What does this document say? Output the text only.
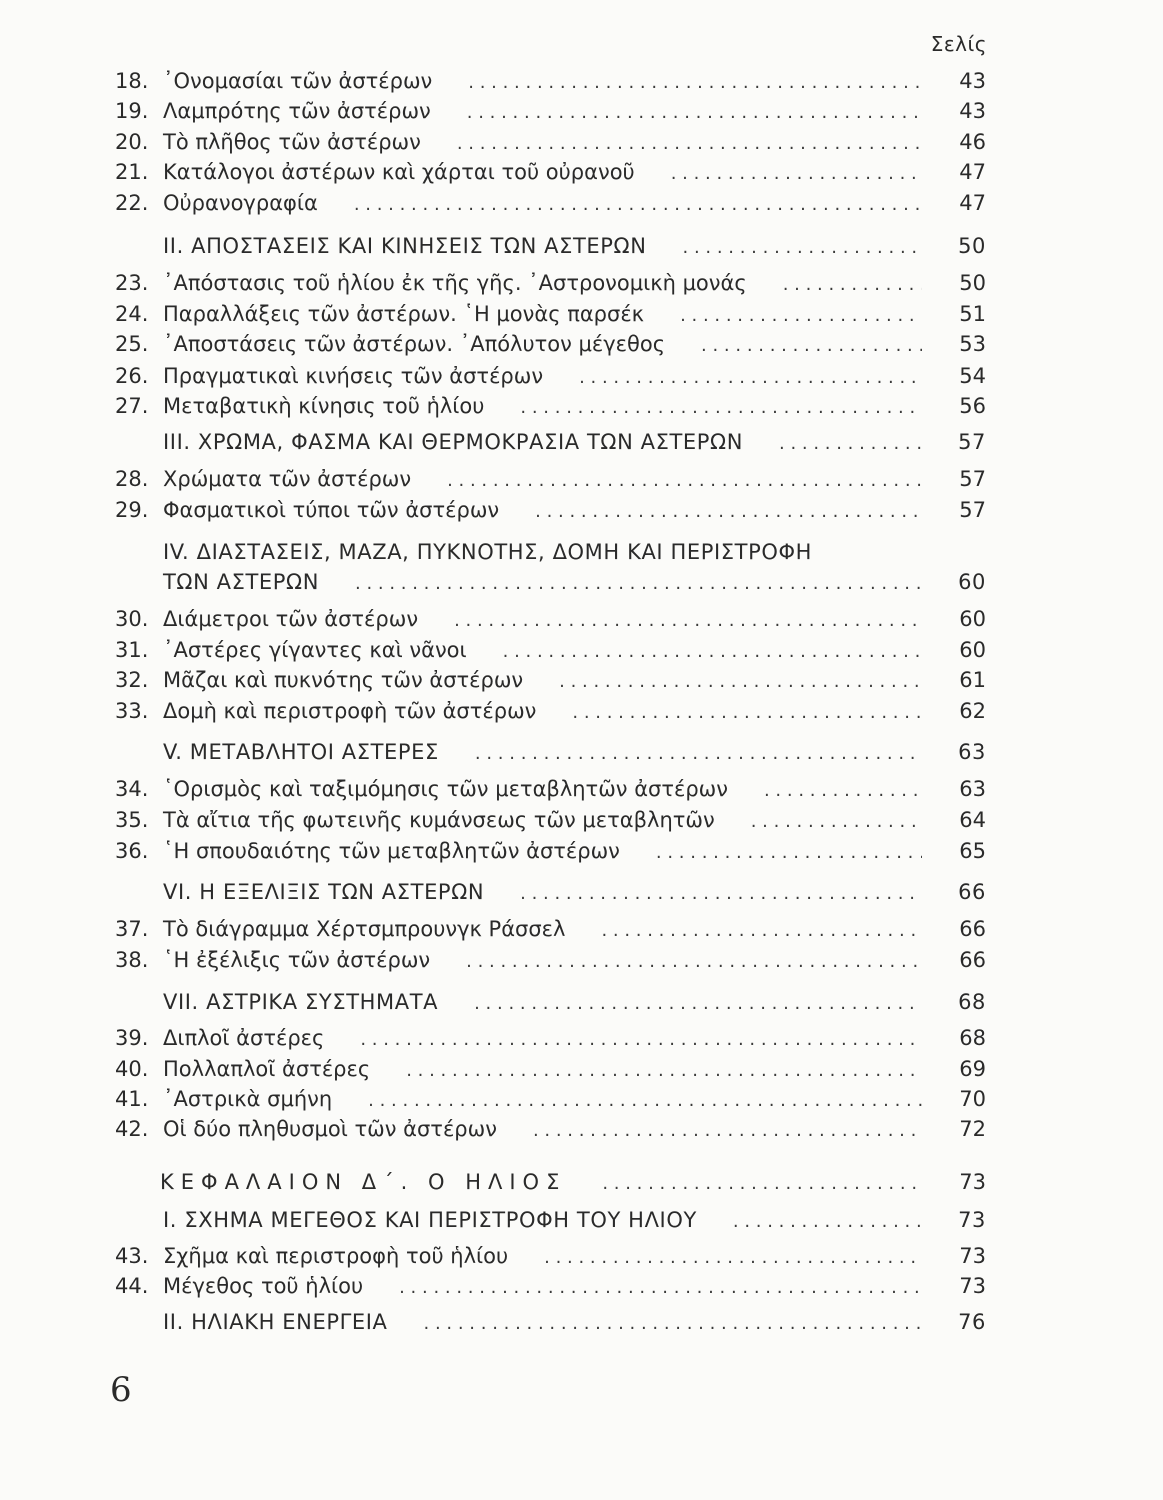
Σελίς
18. ᾿Ονομασίαι τῶν ἀστέρων . . .	43
19. Λαμπρότης τῶν ἀστέρων . . .	43
20. Τὸ πλῆθος τῶν ἀστέρων . . .	46
21. Κατάλογοι ἀστέρων καὶ χάρται τοῦ οὐρανοῦ . . .	47
22. Οὐρανογραφία . . .	47
II. ΑΠΟΣΤΑΣΕΙΣ ΚΑΙ ΚΙΝΗΣΕΙΣ ΤΩΝ ΑΣΤΕΡΩΝ . . .	50
23. ᾿Απόστασις τοῦ ἡλίου ἐκ τῆς γῆς. ᾿Αστρονομικὴ μονάς . . .	50
24. Παραλλάξεις τῶν ἀστέρων. ῾Η μονὰς παρσέκ . . .	51
25. ᾿Αποστάσεις τῶν ἀστέρων. ᾿Απόλυτον μέγεθος . . .	53
26. Πραγματικαὶ κινήσεις τῶν ἀστέρων . . .	54
27. Μεταβατικὴ κίνησις τοῦ ἡλίου . . .	56
III. ΧΡΩΜΑ, ΦΑΣΜΑ ΚΑΙ ΘΕΡΜΟΚΡΑΣΙΑ ΤΩΝ ΑΣΤΕΡΩΝ . . .	57
28. Χρώματα τῶν ἀστέρων . . .	57
29. Φασματικοὶ τύποι τῶν ἀστέρων . . .	57
IV. ΔΙΑΣΤΑΣΕΙΣ, ΜΑΖΑ, ΠΥΚΝΟΤΗΣ, ΔΟΜΗ ΚΑΙ ΠΕΡΙΣΤΡΟΦΗ
ΤΩΝ ΑΣΤΕΡΩΝ . . .	60
30. Διάμετροι τῶν ἀστέρων . . .	60
31. ᾿Αστέρες γίγαντες καὶ νᾶνοι . . .	60
32. Μᾶζαι καὶ πυκνότης τῶν ἀστέρων . . .	61
33. Δομὴ καὶ περιστροφὴ τῶν ἀστέρων . . .	62
V. ΜΕΤΑΒΛΗΤΟΙ ΑΣΤΕΡΕΣ . . .	63
34. ῾Ορισμὸς καὶ ταξιμόμησις τῶν μεταβλητῶν ἀστέρων . . .	63
35. Τὰ αἴτια τῆς φωτεινῆς κυμάνσεως τῶν μεταβλητῶν . . .	64
36. ῾Η σπουδαιότης τῶν μεταβλητῶν ἀστέρων . . .	65
VI. Η ΕΞΕΛΙΞΙΣ ΤΩΝ ΑΣΤΕΡΩΝ . . .	66
37. Τὸ διάγραμμα Χέρτσμπρουνγκ Ράσσελ . . .	66
38. ῾Η ἐξέλιξις τῶν ἀστέρων . . .	66
VII. ΑΣΤΡΙΚΑ ΣΥΣΤΗΜΑΤΑ . . .	68
39. Διπλοῖ ἀστέρες . . .	68
40. Πολλαπλοῖ ἀστέρες . . .	69
41. ᾿Αστρικὰ σμήνη . . .	70
42. Οἱ δύο πληθυσμοὶ τῶν ἀστέρων . . .	72
ΚΕΦΑΛΑΙΟΝ Δ΄. Ο ΗΛΙΟΣ . . .	73
I. ΣΧΗΜΑ ΜΕΓΕΘΟΣ ΚΑΙ ΠΕΡΙΣΤΡΟΦΗ ΤΟΥ ΗΛΙΟΥ . . .	73
43. Σχῆμα καὶ περιστροφὴ τοῦ ἡλίου . . .	73
44. Μέγεθος τοῦ ἡλίου . . .	73
II. ΗΛΙΑΚΗ ΕΝΕΡΓΕΙΑ . . .	76
6
